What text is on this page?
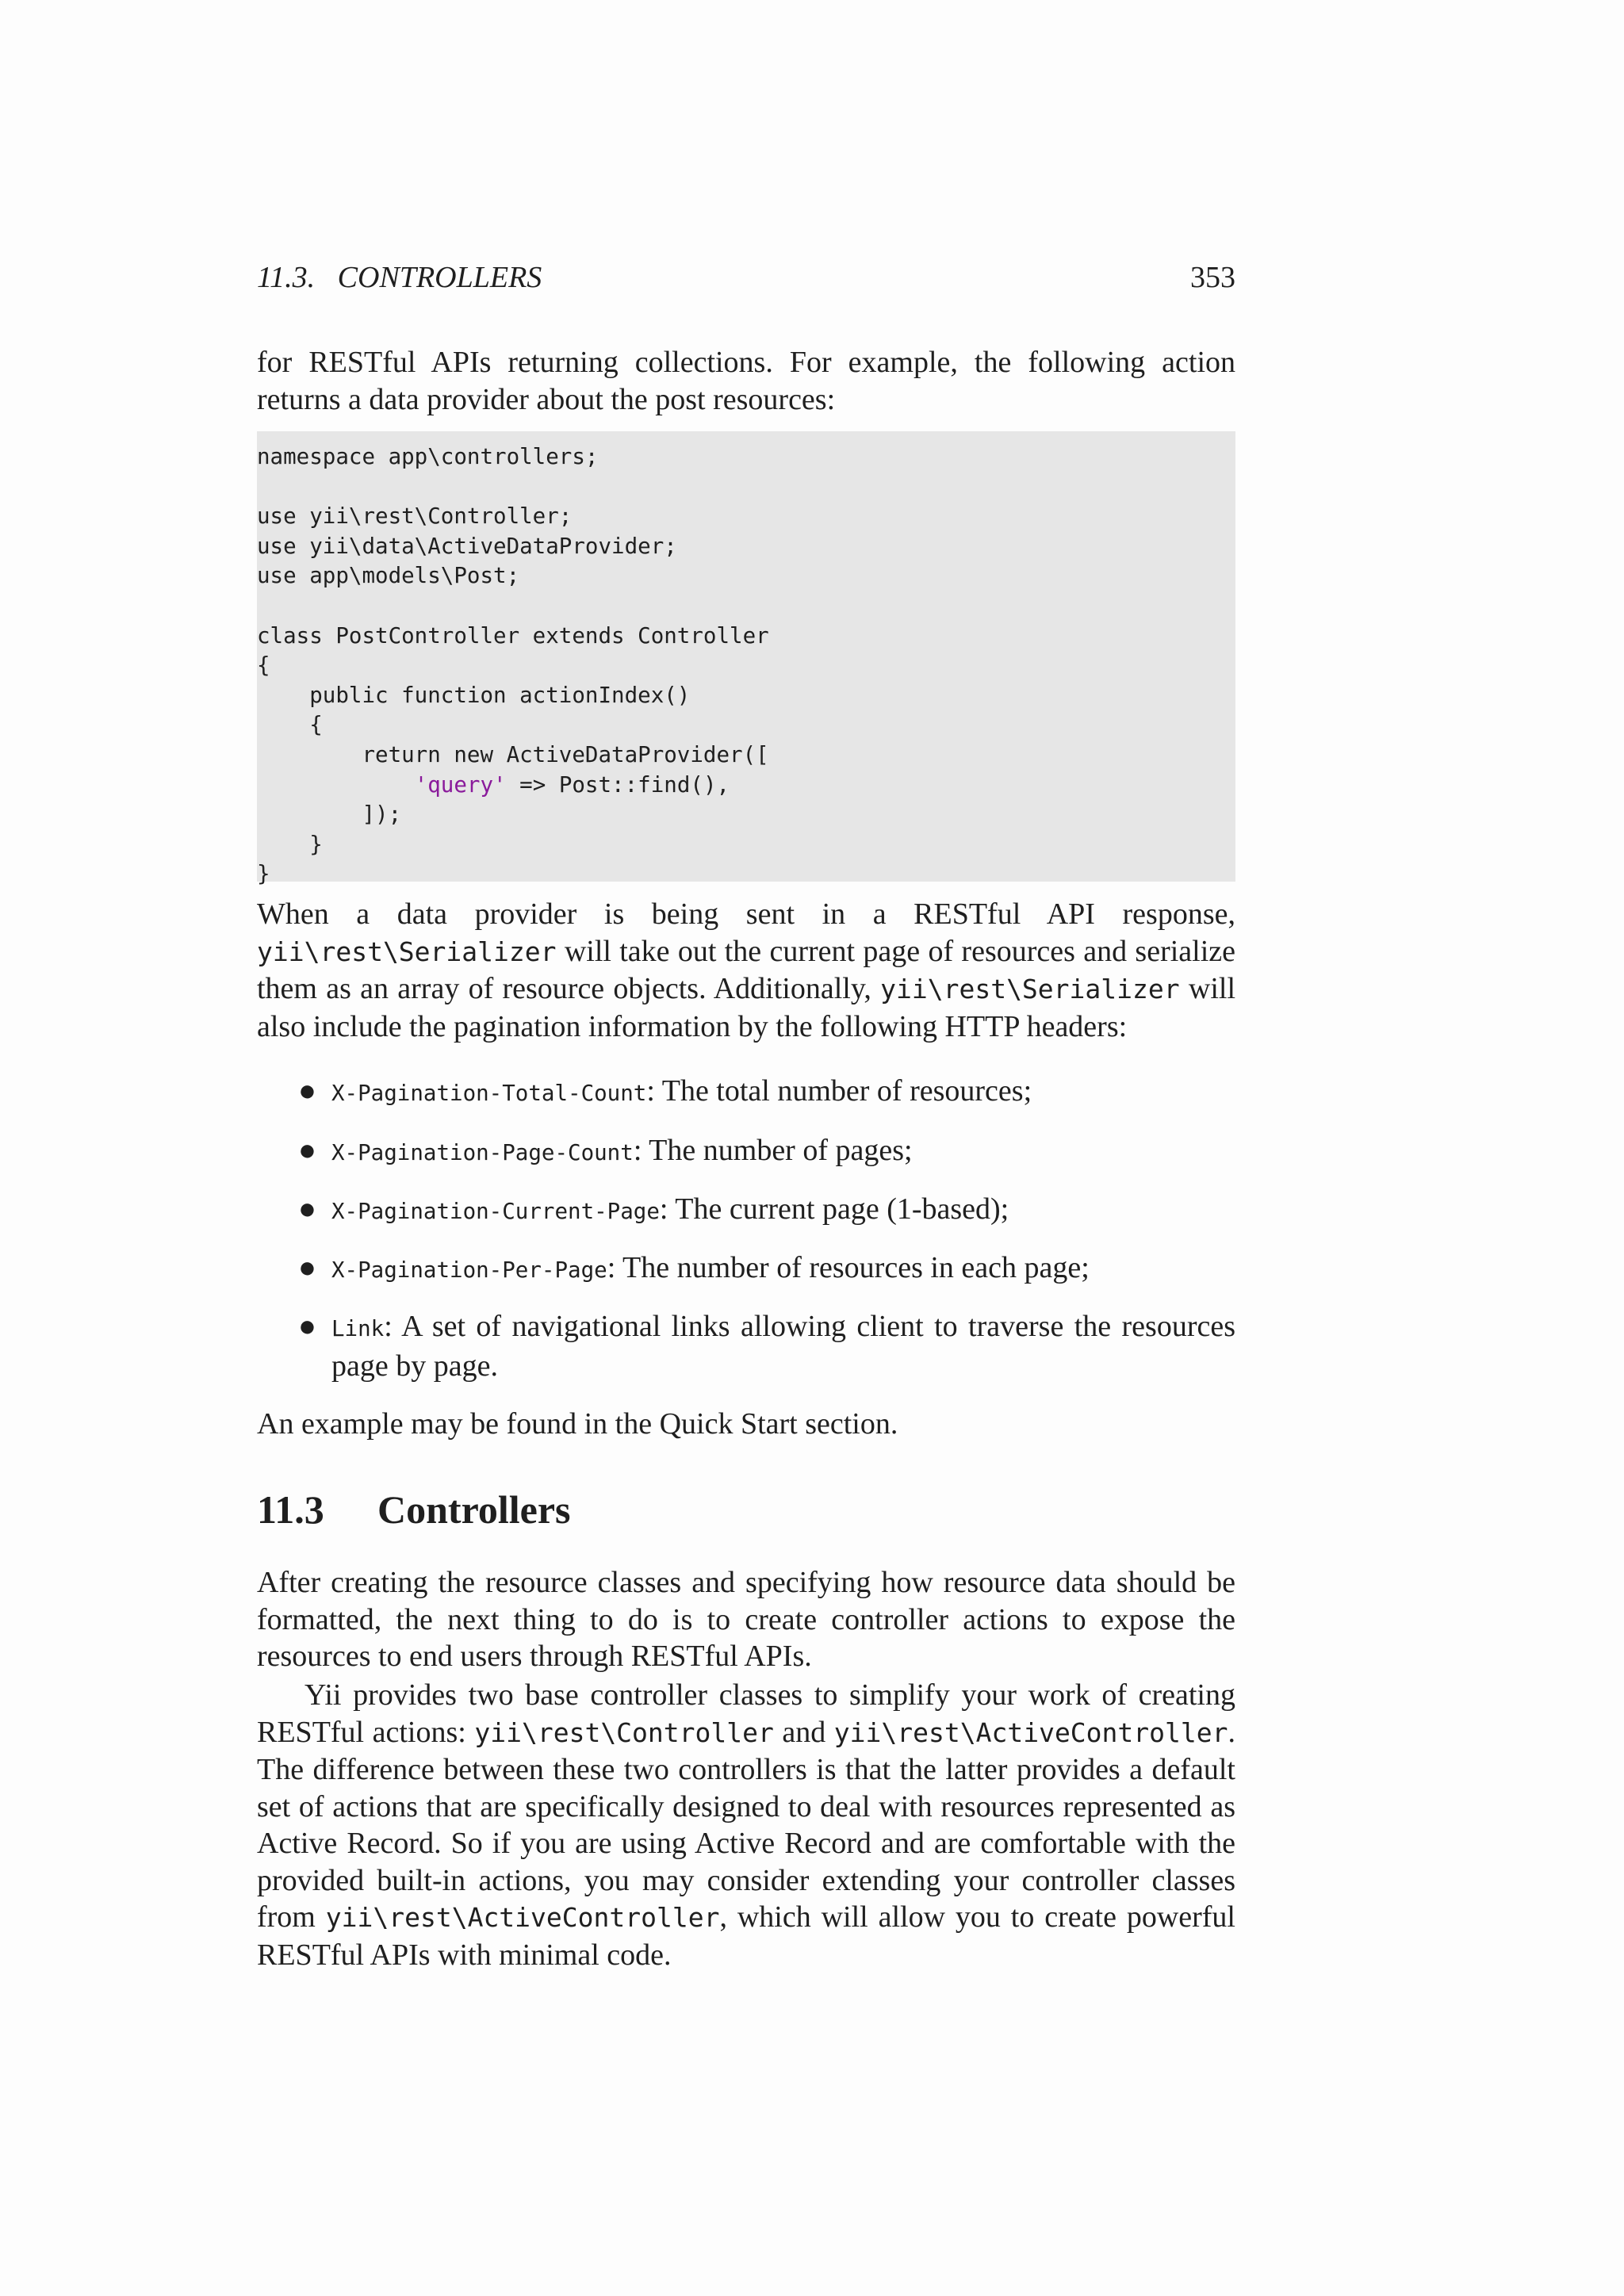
11.3.   CONTROLLERS	353

for RESTful APIs returning collections. For example, the following action returns a data provider about the post resources:

namespace app\controllers;

use yii\rest\Controller;
use yii\data\ActiveDataProvider;
use app\models\Post;

class PostController extends Controller
{
public function actionIndex()
{
return new ActiveDataProvider([
'query' => Post::find(),
]);
}
}

When a data provider is being sent in a RESTful API response, yii\rest\Serializer will take out the current page of resources and serialize them as an array of resource objects. Additionally, yii\rest\Serializer will also include the pagination information by the following HTTP headers:

● X-Pagination-Total-Count: The total number of resources;
● X-Pagination-Page-Count: The number of pages;
● X-Pagination-Current-Page: The current page (1-based);
● X-Pagination-Per-Page: The number of resources in each page;
● Link: A set of navigational links allowing client to traverse the resources page by page.

An example may be found in the Quick Start section.

11.3 Controllers

After creating the resource classes and specifying how resource data should be formatted, the next thing to do is to create controller actions to expose the resources to end users through RESTful APIs.

Yii provides two base controller classes to simplify your work of creating RESTful actions: yii\rest\Controller and yii\rest\ActiveController. The difference between these two controllers is that the latter provides a default set of actions that are specifically designed to deal with resources represented as Active Record. So if you are using Active Record and are comfortable with the provided built-in actions, you may consider extending your controller classes from yii\rest\ActiveController, which will allow you to create powerful RESTful APIs with minimal code.
